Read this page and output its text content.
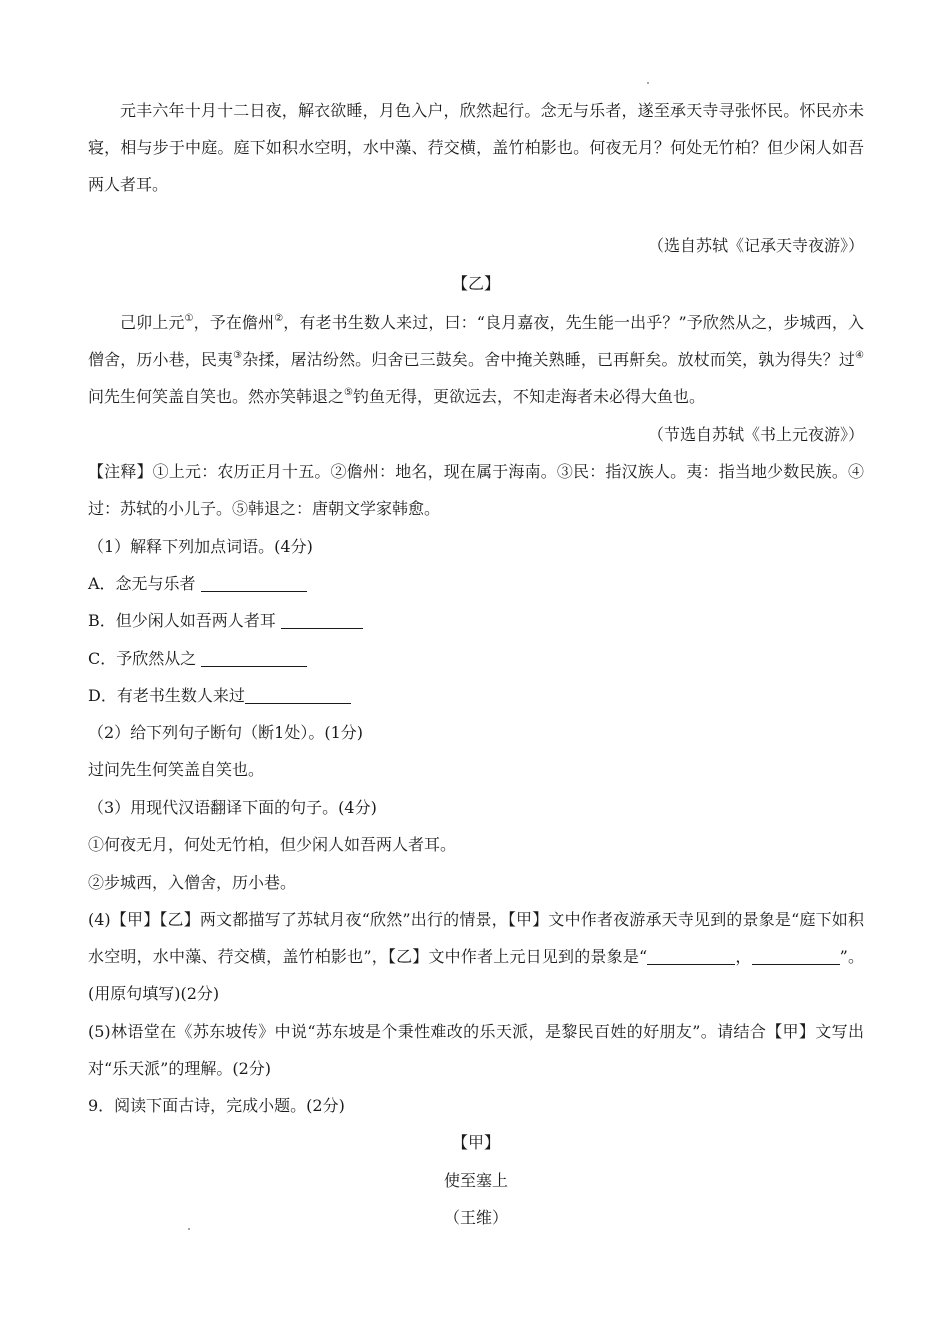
元丰六年十月十二日夜，解衣欲睡，月色入户，欣然起行。念无与乐者，遂至承天寺寻张怀民。怀民亦未寝，相与步于中庭。庭下如积水空明，水中藻、荇交横，盖竹柏影也。何夜无月？何处无竹柏？但少闲人如吾两人者耳。

（选自苏轼《记承天寺夜游》）

【乙】

己卯上元①，予在儋州②，有老书生数人来过，曰：“良月嘉夜，先生能一出乎？”予欣然从之，步城西，入僧舍，历小巷，民夷③杂揉，屠沽纷然。归舍已三鼓矣。舍中掩关熟睡，已再鼾矣。放杖而笑，孰为得失？过④问先生何笑盖自笑也。然亦笑韩退之⑤钓鱼无得，更欲远去，不知走海者未必得大鱼也。

（节选自苏轼《书上元夜游》）

【注释】①上元：农历正月十五。②儋州：地名，现在属于海南。③民：指汉族人。夷：指当地少数民族。④过：苏轼的小儿子。⑤韩退之：唐朝文学家韩愈。

（1）解释下列加点词语。(4分)

A．念无与乐者

B．但少闲人如吾两人者耳

C．予欣然从之

D．有老书生数人来过

（2）给下列句子断句（断1处）。(1分)

过问先生何笑盖自笑也。

（3）用现代汉语翻译下面的句子。(4分)

①何夜无月，何处无竹柏，但少闲人如吾两人者耳。

②步城西，入僧舍，历小巷。

(4)【甲】【乙】两文都描写了苏轼月夜“欣然”出行的情景，【甲】文中作者夜游承天寺见到的景象是“庭下如积水空明，水中藻、荇交横，盖竹柏影也”，【乙】文中作者上元日见到的景象是“	，	”。(用原句填写)(2分)

(5)林语堂在《苏东坡传》中说“苏东坡是个秉性难改的乐天派，是黎民百姓的好朋友”。请结合【甲】文写出对“乐天派”的理解。(2分)

9．阅读下面古诗，完成小题。(2分)

【甲】

使至塞上

（王维）
